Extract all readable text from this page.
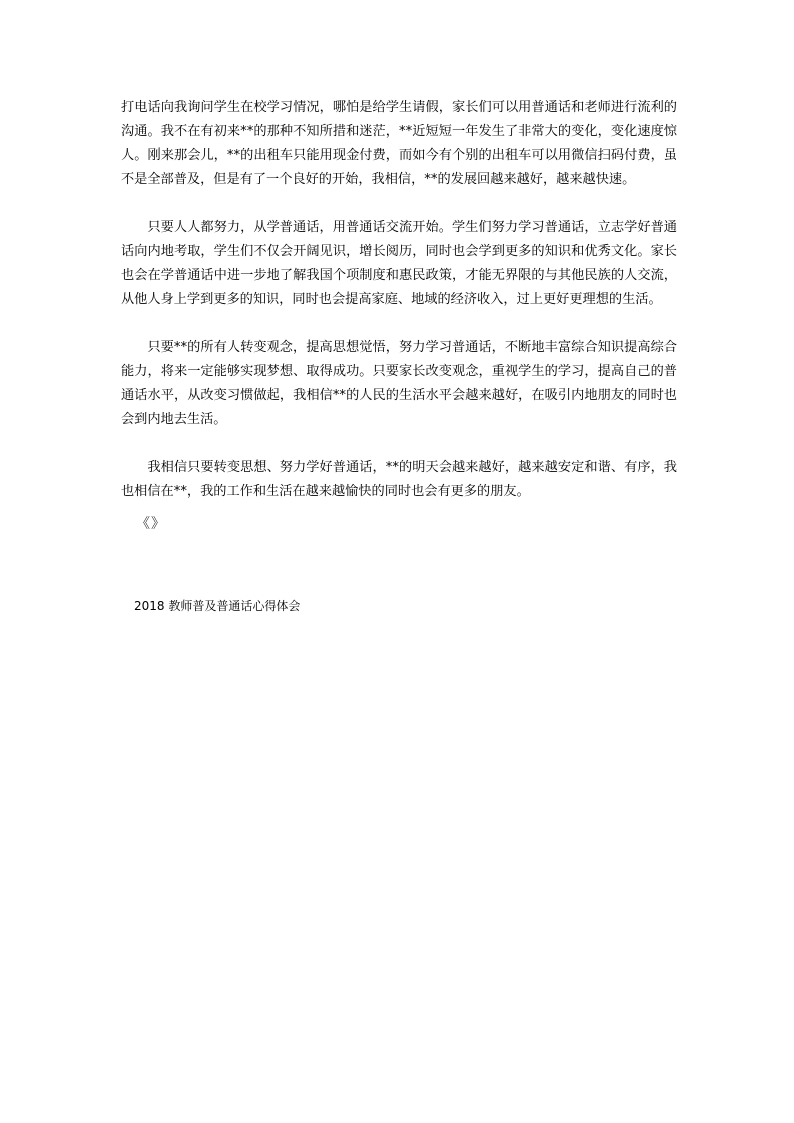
打电话向我询问学生在校学习情况，哪怕是给学生请假，家长们可以用普通话和老师进行流利的沟通。我不在有初来**的那种不知所措和迷茫，**近短短一年发生了非常大的变化，变化速度惊人。刚来那会儿，**的出租车只能用现金付费，而如今有个别的出租车可以用微信扫码付费，虽不是全部普及，但是有了一个良好的开始，我相信，**的发展回越来越好，越来越快速。

只要人人都努力，从学普通话，用普通话交流开始。学生们努力学习普通话，立志学好普通话向内地考取，学生们不仅会开阔见识，增长阅历，同时也会学到更多的知识和优秀文化。家长也会在学普通话中进一步地了解我国个项制度和惠民政策，才能无界限的与其他民族的人交流，从他人身上学到更多的知识，同时也会提高家庭、地域的经济收入，过上更好更理想的生活。

只要**的所有人转变观念，提高思想觉悟，努力学习普通话，不断地丰富综合知识提高综合能力，将来一定能够实现梦想、取得成功。只要家长改变观念，重视学生的学习，提高自己的普通话水平，从改变习惯做起，我相信**的人民的生活水平会越来越好，在吸引内地朋友的同时也会到内地去生活。

我相信只要转变思想、努力学好普通话，**的明天会越来越好，越来越安定和谐、有序，我也相信在**，我的工作和生活在越来越愉快的同时也会有更多的朋友。

《》
2018 教师普及普通话心得体会
